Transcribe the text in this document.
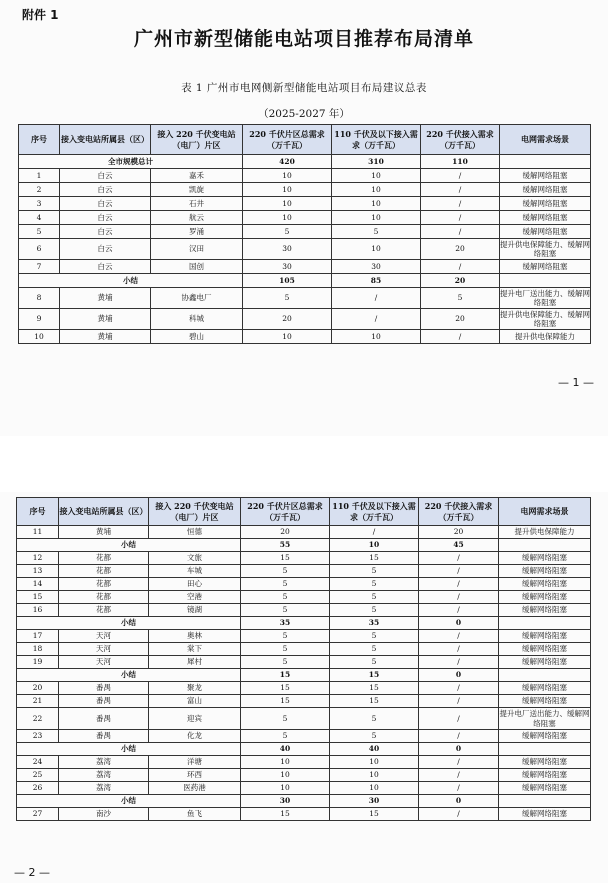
附件 1
广州市新型储能电站项目推荐布局清单
表 1 广州市电网侧新型储能电站项目布局建议总表
（2025-2027 年）
— 1 —
序号	接入变电站所属县（区）	接入 220 千伏变电站（电厂）片区	220 千伏片区总需求（万千瓦）	110 千伏及以下接入需求（万千瓦）	220 千伏接入需求（万千瓦）	电网需求场景
全市规模总计			420	310	110	
1	白云	嘉禾	10	10	/	缓解网络阻塞
2	白云	凯旋	10	10	/	缓解网络阻塞
3	白云	石井	10	10	/	缓解网络阻塞
4	白云	航云	10	10	/	缓解网络阻塞
5	白云	罗涌	5	5	/	缓解网络阻塞
6	白云	汉田	30	10	20	提升供电保障能力、缓解网络阻塞
7	白云	国创	30	30	/	缓解网络阻塞
小结			105	85	20	
8	黄埔	协鑫电厂	5	/	5	提升电厂送出能力、缓解网络阻塞
9	黄埔	科城	20	/	20	提升供电保障能力、缓解网络阻塞
10	黄埔	碧山	10	10	/	提升供电保障能力
序号	接入变电站所属县（区）	接入 220 千伏变电站（电厂）片区	220 千伏片区总需求（万千瓦）	110 千伏及以下接入需求（万千瓦）	220 千伏接入需求（万千瓦）	电网需求场景
11	黄埔	恒德	20	/	20	提升供电保障能力
小结			55	10	45	
12	花都	文旅	15	15	/	缓解网络阻塞
13	花都	车城	5	5	/	缓解网络阻塞
14	花都	田心	5	5	/	缓解网络阻塞
15	花都	空港	5	5	/	缓解网络阻塞
16	花都	镜湖	5	5	/	缓解网络阻塞
小结			35	35	0	
17	天河	奥林	5	5	/	缓解网络阻塞
18	天河	棠下	5	5	/	缓解网络阻塞
19	天河	犀村	5	5	/	缓解网络阻塞
小结			15	15	0	
20	番禺	聚龙	15	15	/	缓解网络阻塞
21	番禺	富山	15	15	/	缓解网络阻塞
22	番禺	迎宾	5	5	/	提升电厂送出能力、缓解网络阻塞
23	番禺	化龙	5	5	/	缓解网络阻塞
小结			40	40	0	
24	荔湾	洋塘	10	10	/	缓解网络阻塞
25	荔湾	环西	10	10	/	缓解网络阻塞
26	荔湾	医药港	10	10	/	缓解网络阻塞
小结			30	30	0	
27	南沙	鱼飞	15	15	/	缓解网络阻塞
— 2 —
